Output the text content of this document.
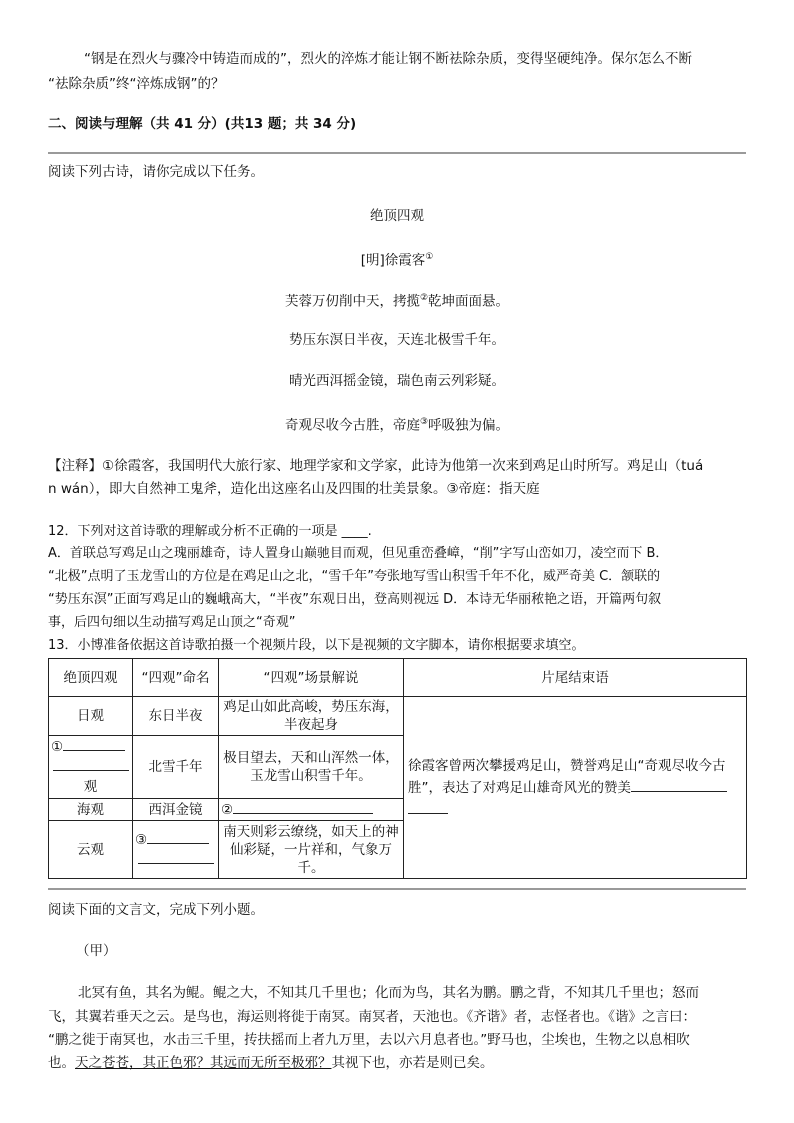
“钢是在烈火与骤冷中铸造而成的”，烈火的淬炼才能让钢不断祛除杂质，变得坚硬纯净。保尔怎么不断

“祛除杂质”终“淬炼成钢”的？

二、阅读与理解（共 41 分）(共13 题；共 34 分)

阅读下列古诗，请你完成以下任务。

绝顶四观

[明]徐霞客①

芙蓉万仞削中天，拷揽②乾坤面面悬。

势压东溟日半夜，天连北极雪千年。

晴光西洱摇金镜，瑞色南云列彩疑。

奇观尽收今古胜，帝庭③呼吸独为偏。

【注释】①徐霞客，我国明代大旅行家、地理学家和文学家，此诗为他第一次来到鸡足山时所写。鸡足山（tuá

n wán），即大自然神工鬼斧，造化出这座名山及四围的壮美景象。③帝庭：指天庭

12．下列对这首诗歌的理解或分析不正确的一项是 ____.

A．首联总写鸡足山之瑰丽雄奇，诗人置身山巅驰目而观，但见重峦叠嶂，“削”字写山峦如刀，凌空而下 B．

“北极”点明了玉龙雪山的方位是在鸡足山之北，“雪千年”夸张地写雪山积雪千年不化，威严奇美 C．颔联的

“势压东溟”正面写鸡足山的巍峨高大，“半夜”东观日出，登高则视远 D．本诗无华丽秾艳之语，开篇两句叙

事，后四句细以生动描写鸡足山顶之“奇观”

13．小博准备依据这首诗歌拍摄一个视频片段，以下是视频的文字脚本，请你根据要求填空。

绝顶四观	“四观”命名	“四观”场景解说	片尾结束语
日观	东日半夜	鸡足山如此高峻，势压东海，半夜起身	徐霞客曾两次攀援鸡足山，赞誉鸡足山“奇观尽收今古胜”，表达了对鸡足山雄奇风光的赞美

①
观	北雪千年	极目望去，天和山浑然一体，玉龙雪山积雪千年。	
海观	西洱金镜	②	
云观	③	南天则彩云缭绕，如天上的神仙彩疑，一片祥和，气象万千。	

阅读下面的文言文，完成下列小题。

（甲）

北冥有鱼，其名为鲲。鲲之大，不知其几千里也；化而为鸟，其名为鹏。鹏之背，不知其几千里也；怒而

飞，其翼若垂天之云。是鸟也，海运则将徙于南冥。南冥者，天池也。《齐谐》者，志怪者也。《谐》之言曰：

“鹏之徙于南冥也，水击三千里，抟扶摇而上者九万里，去以六月息者也。”野马也，尘埃也，生物之以息相吹

也。天之苍苍，其正色邪？其远而无所至极邪？其视下也，亦若是则已矣。
